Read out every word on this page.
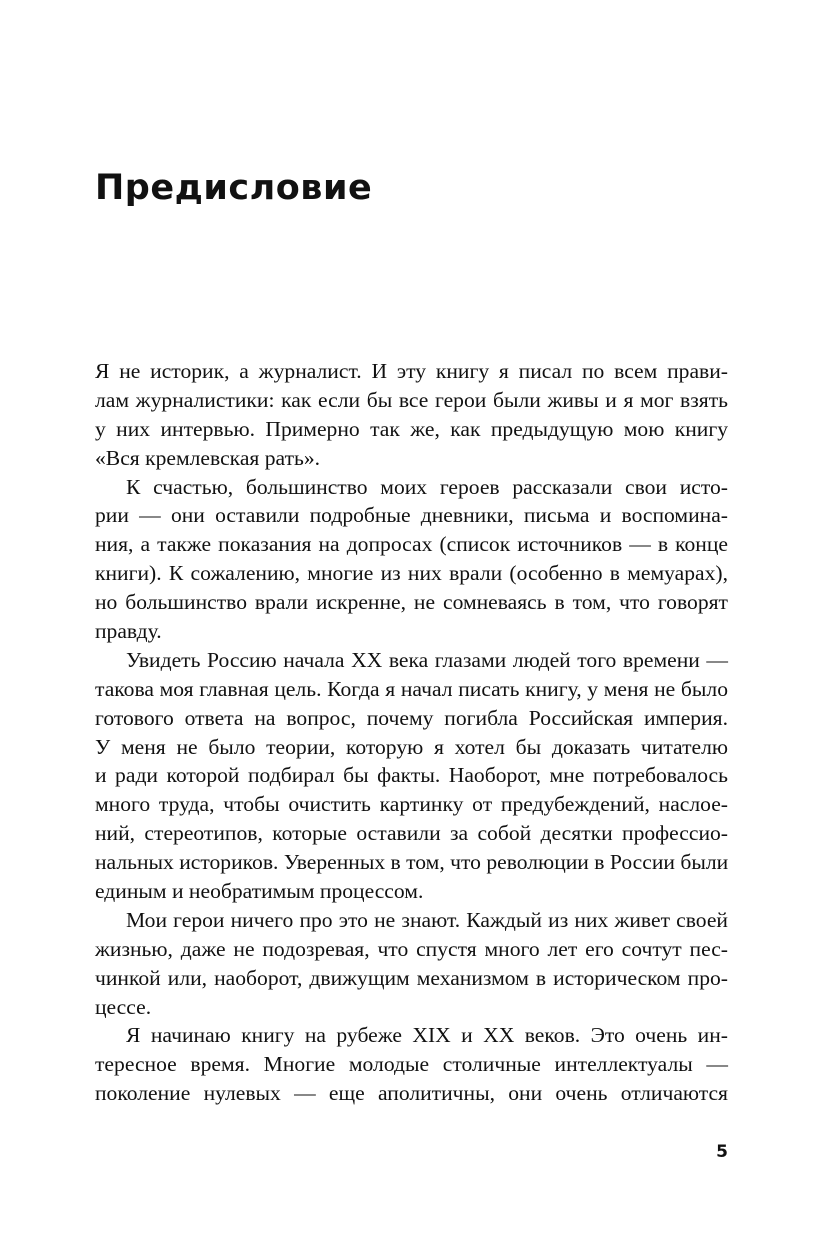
Предисловие
Я не историк, а журналист. И эту книгу я писал по всем прави-
лам журналистики: как если бы все герои были живы и я мог взять
у них интервью. Примерно так же, как предыдущую мою книгу
«Вся кремлевская рать».
К счастью, большинство моих героев рассказали свои исто-
рии — они оставили подробные дневники, письма и воспомина-
ния, а также показания на допросах (список источников — в конце
книги). К сожалению, многие из них врали (особенно в мемуарах),
но большинство врали искренне, не сомневаясь в том, что говорят
правду.
Увидеть Россию начала XX века глазами людей того времени —
такова моя главная цель. Когда я начал писать книгу, у меня не было
готового ответа на вопрос, почему погибла Российская империя.
У меня не было теории, которую я хотел бы доказать читателю
и ради которой подбирал бы факты. Наоборот, мне потребовалось
много труда, чтобы очистить картинку от предубеждений, наслое-
ний, стереотипов, которые оставили за собой десятки профессио-
нальных историков. Уверенных в том, что революции в России были
единым и необратимым процессом.
Мои герои ничего про это не знают. Каждый из них живет своей
жизнью, даже не подозревая, что спустя много лет его сочтут пес-
чинкой или, наоборот, движущим механизмом в историческом про-
цессе.
Я начинаю книгу на рубеже XIX и XX веков. Это очень ин-
тересное время. Многие молодые столичные интеллектуалы —
поколение нулевых — еще аполитичны, они очень отличаются
5
